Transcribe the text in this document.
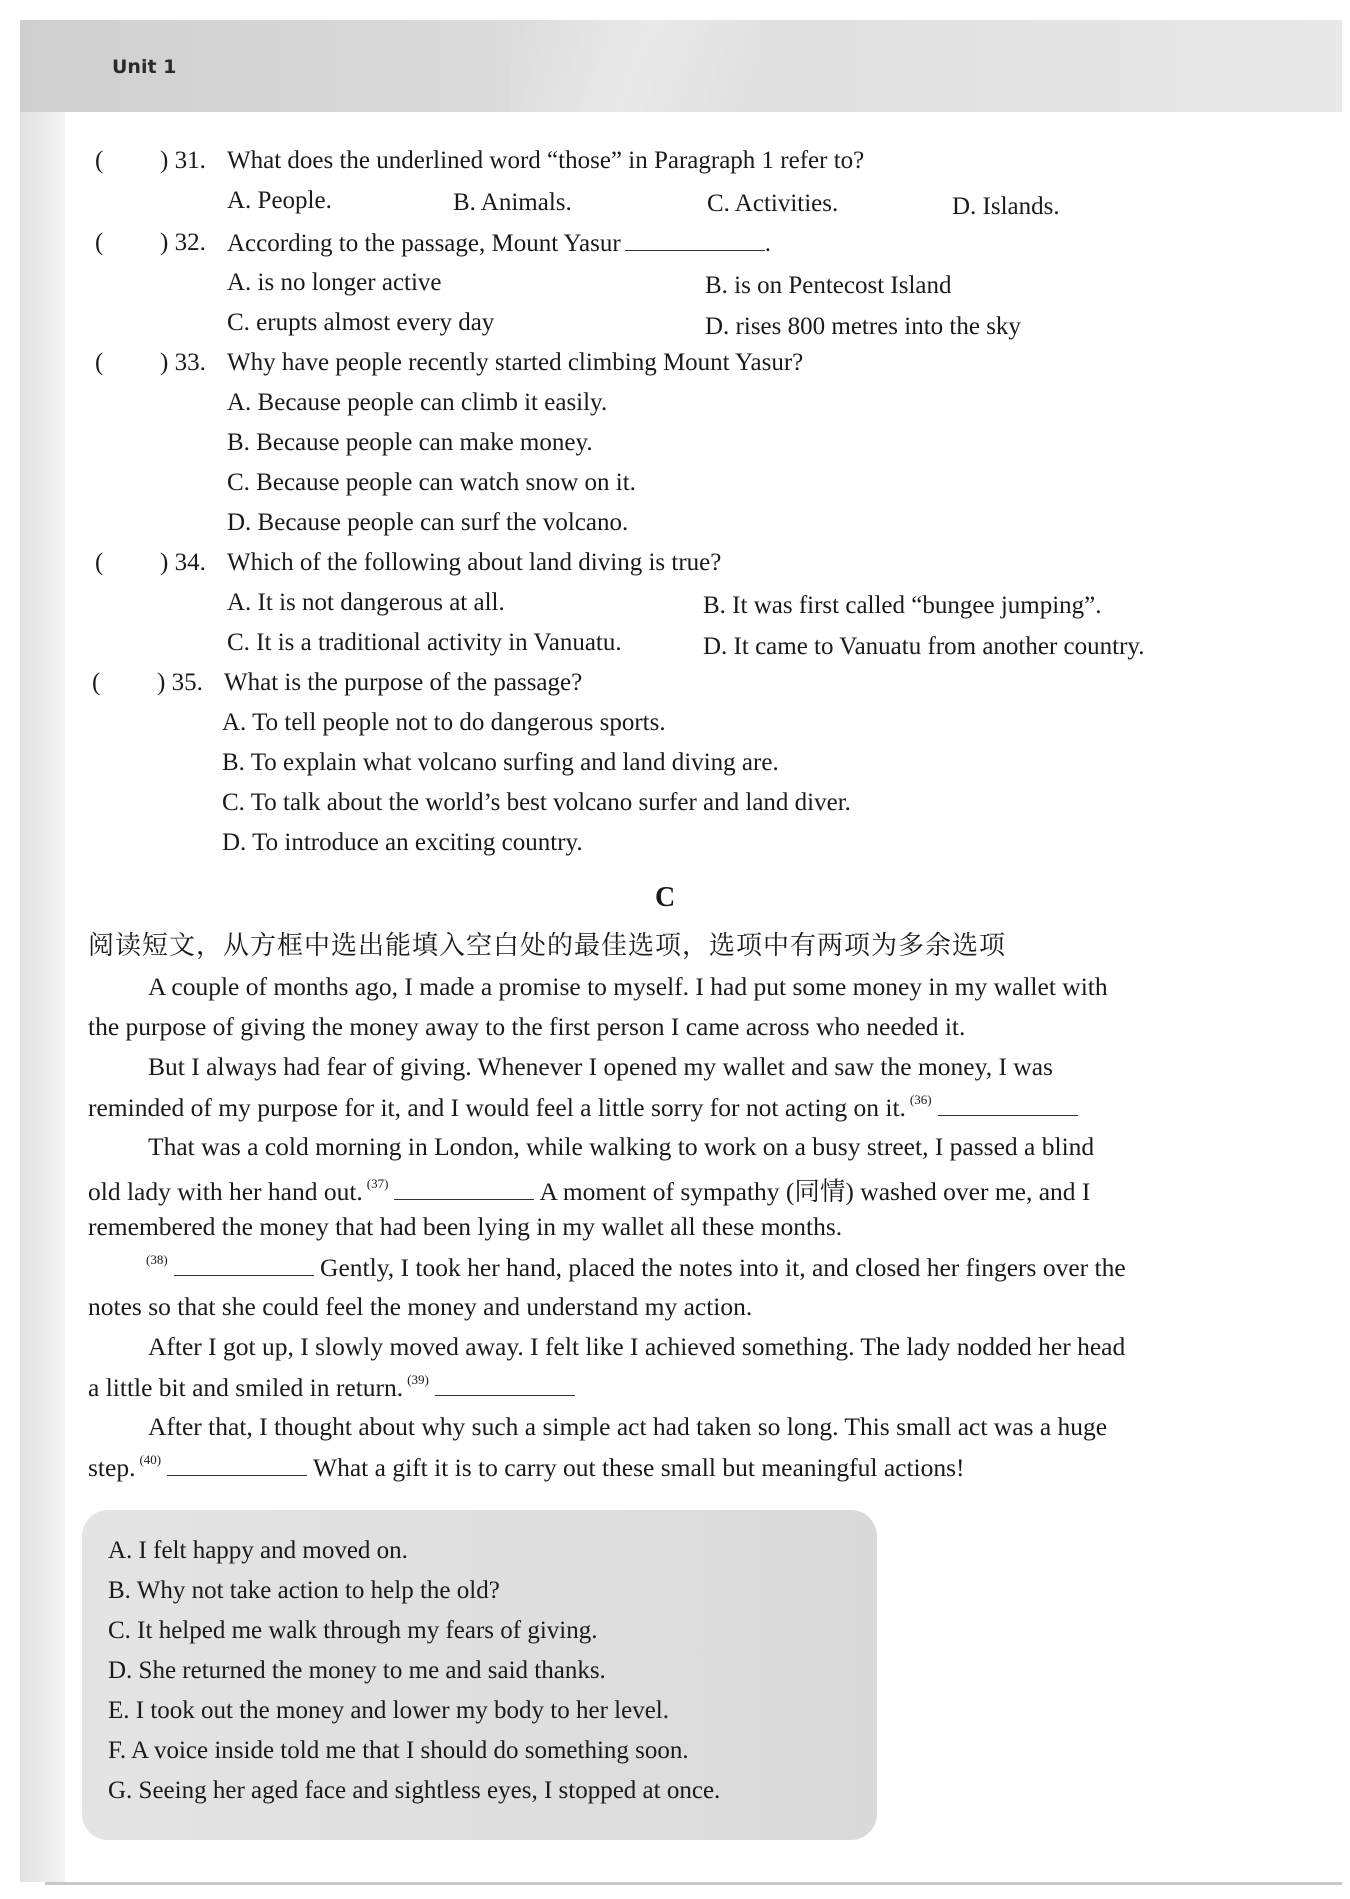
Unit 1
( ) 31. What does the underlined word “those” in Paragraph 1 refer to?
A. People.	B. Animals.	C. Activities.	D. Islands.
( ) 32. According to the passage, Mount Yasur	.
A. is no longer active	B. is on Pentecost Island
C. erupts almost every day	D. rises 800 metres into the sky
( ) 33. Why have people recently started climbing Mount Yasur?
A. Because people can climb it easily.
B. Because people can make money.
C. Because people can watch snow on it.
D. Because people can surf the volcano.
( ) 34. Which of the following about land diving is true?
A. It is not dangerous at all.	B. It was first called “bungee jumping”.
C. It is a traditional activity in Vanuatu.	D. It came to Vanuatu from another country.
( ) 35. What is the purpose of the passage?
A. To tell people not to do dangerous sports.
B. To explain what volcano surfing and land diving are.
C. To talk about the world’s best volcano surfer and land diver.
D. To introduce an exciting country.
C
阅读短文，从方框中选出能填入空白处的最佳选项，选项中有两项为多余选项
A couple of months ago, I made a promise to myself. I had put some money in my wallet with
the purpose of giving the money away to the first person I came across who needed it.
But I always had fear of giving. Whenever I opened my wallet and saw the money, I was
reminded of my purpose for it, and I would feel a little sorry for not acting on it. $^{(36)}$
That was a cold morning in London, while walking to work on a busy street, I passed a blind
old lady with her hand out. $^{(37)}$	A moment of sympathy (同情) washed over me, and I
remembered the money that had been lying in my wallet all these months.
$^{(38)}$	Gently, I took her hand, placed the notes into it, and closed her fingers over the
notes so that she could feel the money and understand my action.
After I got up, I slowly moved away. I felt like I achieved something. The lady nodded her head
a little bit and smiled in return. $^{(39)}$
After that, I thought about why such a simple act had taken so long. This small act was a huge
step. $^{(40)}$	What a gift it is to carry out these small but meaningful actions!
A. I felt happy and moved on.
B. Why not take action to help the old?
C. It helped me walk through my fears of giving.
D. She returned the money to me and said thanks.
E. I took out the money and lower my body to her level.
F. A voice inside told me that I should do something soon.
G. Seeing her aged face and sightless eyes, I stopped at once.
